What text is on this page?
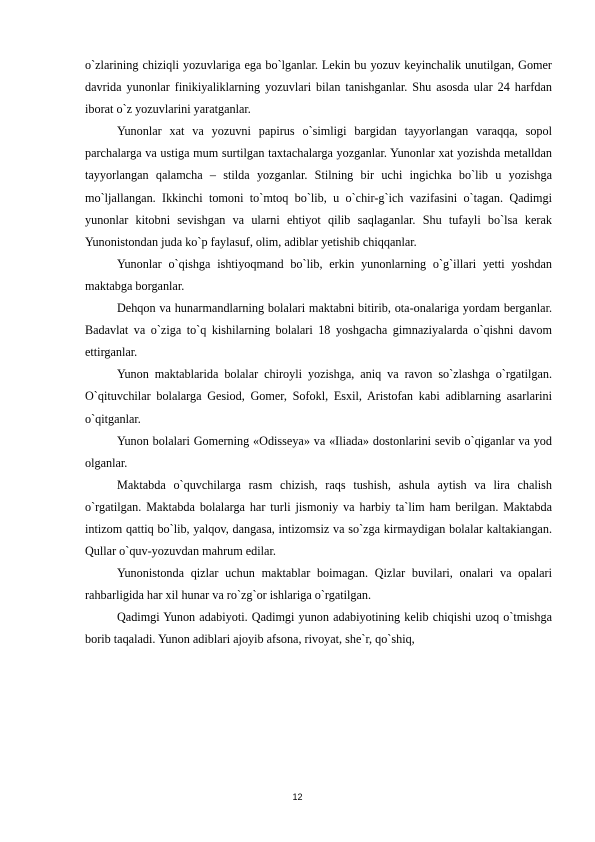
o`zlarining chiziqli yozuvlariga ega bo`lganlar. Lekin bu yozuv keyinchalik unutilgan, Gomer davrida yunonlar finikiyaliklarning yozuvlari bilan tanishganlar. Shu asosda ular 24 harfdan iborat o`z yozuvlarini yaratganlar.

Yunonlar xat va yozuvni papirus o`simligi bargidan tayyorlangan varaqqa, sopol parchalarga va ustiga mum surtilgan taxtachalarga yozganlar. Yunonlar xat yozishda metalldan tayyorlangan qalamcha – stilda yozganlar. Stilning bir uchi ingichka bo`lib u yozishga mo`ljallangan. Ikkinchi tomoni to`mtoq bo`lib, u o`chir-g`ich vazifasini o`tagan. Qadimgi yunonlar kitobni sevishgan va ularni ehtiyot qilib saqlaganlar. Shu tufayli bo`lsa kerak Yunonistondan juda ko`p faylasuf, olim, adiblar yetishib chiqqanlar.

Yunonlar o`qishga ishtiyoqmand bo`lib, erkin yunonlarning o`g`illari yetti yoshdan maktabga borganlar.

Dehqon va hunarmandlarning bolalari maktabni bitirib, ota-onalariga yordam berganlar. Badavlat va o`ziga to`q kishilarning bolalari 18 yoshgacha gimnaziyalarda o`qishni davom ettirganlar.

Yunon maktablarida bolalar chiroyli yozishga, aniq va ravon so`zlashga o`rgatilgan. O`qituvchilar bolalarga Gesiod, Gomer, Sofokl, Esxil, Aristofan kabi adiblarning asarlarini o`qitganlar.

Yunon bolalari Gomerning «Odisseya» va «Iliada» dostonlarini sevib o`qiganlar va yod olganlar.

Maktabda o`quvchilarga rasm chizish, raqs tushish, ashula aytish va lira chalish o`rgatilgan. Maktabda bolalarga har turli jismoniy va harbiy ta`lim ham berilgan. Maktabda intizom qattiq bo`lib, yalqov, dangasa, intizomsiz va so`zga kirmaydigan bolalar kaltakiangan. Qullar o`quv-yozuvdan mahrum edilar.

Yunonistonda qizlar uchun maktablar boimagan. Qizlar buvilari, onalari va opalari rahbarligida har xil hunar va ro`zg`or ishlariga o`rgatilgan.

Qadimgi Yunon adabiyoti. Qadimgi yunon adabiyotining kelib chiqishi uzoq o`tmishga borib taqaladi. Yunon adiblari ajoyib afsona, rivoyat, she`r, qo`shiq,

12
